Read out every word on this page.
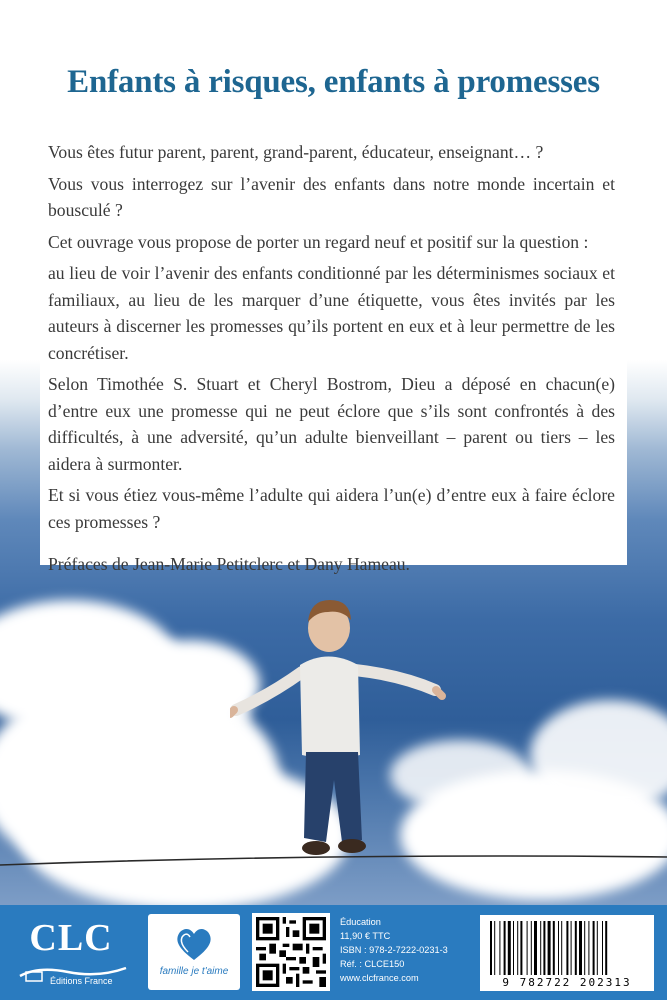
Enfants à risques, enfants à promesses

Vous êtes futur parent, parent, grand-parent, éducateur, enseignant… ?

Vous vous interrogez sur l’avenir des enfants dans notre monde incertain et bousculé ?

Cet ouvrage vous propose de porter un regard neuf et positif sur la question :

au lieu de voir l’avenir des enfants conditionné par les déterminismes sociaux et familiaux, au lieu de les marquer d’une étiquette, vous êtes invités par les auteurs à discerner les promesses qu’ils portent en eux et à leur permettre de les concrétiser.

Selon Timothée S. Stuart et Cheryl Bostrom, Dieu a déposé en chacun(e) d’entre eux une promesse qui ne peut éclore que s’ils sont confrontés à des difficultés, à une adversité, qu’un adulte bienveillant – parent ou tiers – les aidera à surmonter.

Et si vous étiez vous-même l’adulte qui aidera l’un(e) d’entre eux à faire éclore ces promesses ?

Préfaces de Jean-Marie Petitclerc et Dany Hameau.

CLC
Éditions France
famille je t'aime
Éducation
11,90 € TTC
ISBN : 978-2-7222-0231-3
Réf. : CLCE150
www.clcfrance.com	9 782722 202313
